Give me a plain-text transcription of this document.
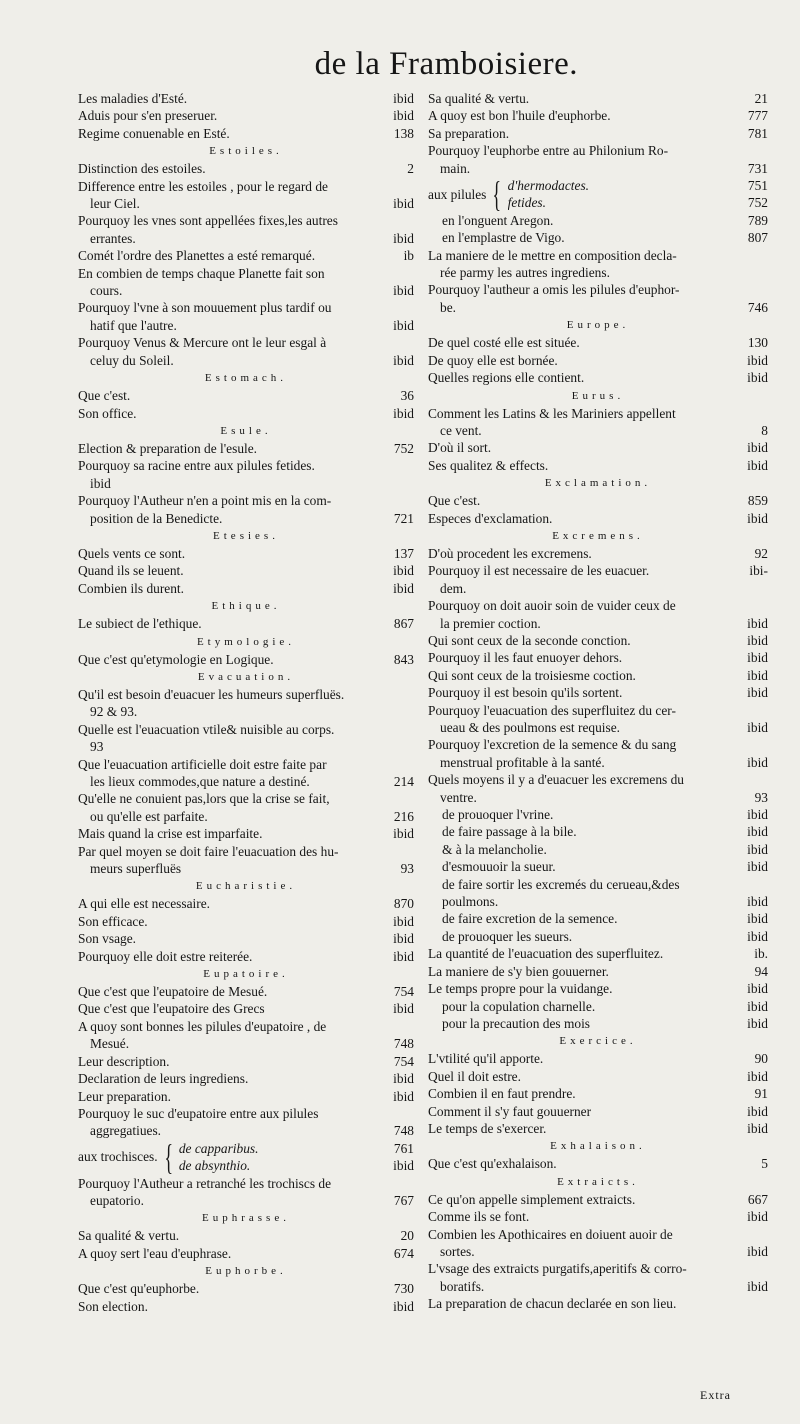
de la Framboisiere.
Les maladies d'Esté.	ibid
Aduis pour s'en preseruer.	ibid
Regime conuenable en Esté.	138
Estoiles.
Distinction des estoiles.	2
Difference entre les estoiles , pour le regard de
leur Ciel.	ibid
Pourquoy les vnes sont appellées fixes,les autres
errantes.	ibid
Comét l'ordre des Planettes a esté remarqué.	ib
En combien de temps chaque Planette fait son
cours.	ibid
Pourquoy l'vne à son mouuement plus tardif ou
hatif que l'autre.	ibid
Pourquoy Venus & Mercure ont le leur esgal à
celuy du Soleil.	ibid
Estomach.
Que c'est.	36
Son office.	ibid
Esule.
Election & preparation de l'esule.	752
Pourquoy sa racine entre aux pilules fetides.
ibid
Pourquoy l'Autheur n'en a point mis en la com-
position de la Benedicte.	721
Etesies.
Quels vents ce sont.	137
Quand ils se leuent.	ibid
Combien ils durent.	ibid
Ethique.
Le subiect de l'ethique.	867
Etymologie.
Que c'est qu'etymologie en Logique.	843
Evacuation.
Qu'il est besoin d'euacuer les humeurs superfluës.
92 & 93.
Quelle est l'euacuation vtile& nuisible au corps.
93
Que l'euacuation artificielle doit estre faite par
les lieux commodes,que nature a destiné.	214
Qu'elle ne conuient pas,lors que la crise se fait,
ou qu'elle est parfaite.	216
Mais quand la crise est imparfaite.	ibid
Par quel moyen se doit faire l'euacuation des hu-
meurs superfluës	93
Eucharistie.
A qui elle est necessaire.	870
Son efficace.	ibid
Son vsage.	ibid
Pourquoy elle doit estre reiterée.	ibid
Eupatoire.
Que c'est que l'eupatoire de Mesué.	754
Que c'est que l'eupatoire des Grecs	ibid
A quoy sont bonnes les pilules d'eupatoire , de
Mesué.	748
Leur description.	754
Declaration de leurs ingrediens.	ibid
Leur preparation.	ibid
Pourquoy le suc d'eupatoire entre aux pilules
aggregatiues.	748
aux trochisces. { de capparibus.	761
de absynthio.	ibid
Pourquoy l'Autheur a retranché les trochiscs de
eupatorio.	767
Euphrasse.
Sa qualité & vertu.	20
A quoy sert l'eau d'euphrase.	674
Euphorbe.
Que c'est qu'euphorbe.	730
Son election.	ibid
Sa qualité & vertu.	21
A quoy est bon l'huile d'euphorbe.	777
Sa preparation.	781
Pourquoy l'euphorbe entre au Philonium Ro-
main.	731
aux pilules { d'hermodactes.	751
fetides.	752
en l'onguent Aregon.	789
en l'emplastre de Vigo.	807
La maniere de le mettre en composition decla-
rée parmy les autres ingrediens.
Pourquoy l'autheur a omis les pilules d'euphor-
be.	746
Europe.
De quel costé elle est située.	130
De quoy elle est bornée.	ibid
Quelles regions elle contient.	ibid
Eurus.
Comment les Latins & les Mariniers appellent
ce vent.	8
D'où il sort.	ibid
Ses qualitez & effects.	ibid
Exclamation.
Que c'est.	859
Especes d'exclamation.	ibid
Excremens.
D'où procedent les excremens.	92
Pourquoy il est necessaire de les euacuer.	ibi-
dem.
Pourquoy on doit auoir soin de vuider ceux de
la premier coction.	ibid
Qui sont ceux de la seconde conction.	ibid
Pourquoy il les faut enuoyer dehors.	ibid
Qui sont ceux de la troisiesme coction.	ibid
Pourquoy il est besoin qu'ils sortent.	ibid
Pourquoy l'euacuation des superfluitez du cer-
ueau & des poulmons est requise.	ibid
Pourquoy l'excretion de la semence & du sang
menstrual profitable à la santé.	ibid
Quels moyens il y a d'euacuer les excremens du
ventre.	93
de prouoquer l'vrine.	ibid
de faire passage à la bile.	ibid
& à la melancholie.	ibid
d'esmouuoir la sueur.	ibid
de faire sortir les excremés du cerueau,&des
poulmons.	ibid
de faire excretion de la semence.	ibid
de prouoquer les sueurs.	ibid
La quantité de l'euacuation des superfluitez.	ib.
La maniere de s'y bien gouuerner.	94
Le temps propre pour la vuidange.	ibid
pour la copulation charnelle.	ibid
pour la precaution des mois	ibid
Exercice.
L'vtilité qu'il apporte.	90
Quel il doit estre.	ibid
Combien il en faut prendre.	91
Comment il s'y faut gouuerner	ibid
Le temps de s'exercer.	ibid
Exhalaison.
Que c'est qu'exhalaison.	5
Extraicts.
Ce qu'on appelle simplement extraicts.	667
Comme ils se font.	ibid
Combien les Apothicaires en doiuent auoir de
sortes.	ibid
L'vsage des extraicts purgatifs,aperitifs & corro-
boratifs.	ibid
La preparation de chacun declarée en son lieu.
Extra
